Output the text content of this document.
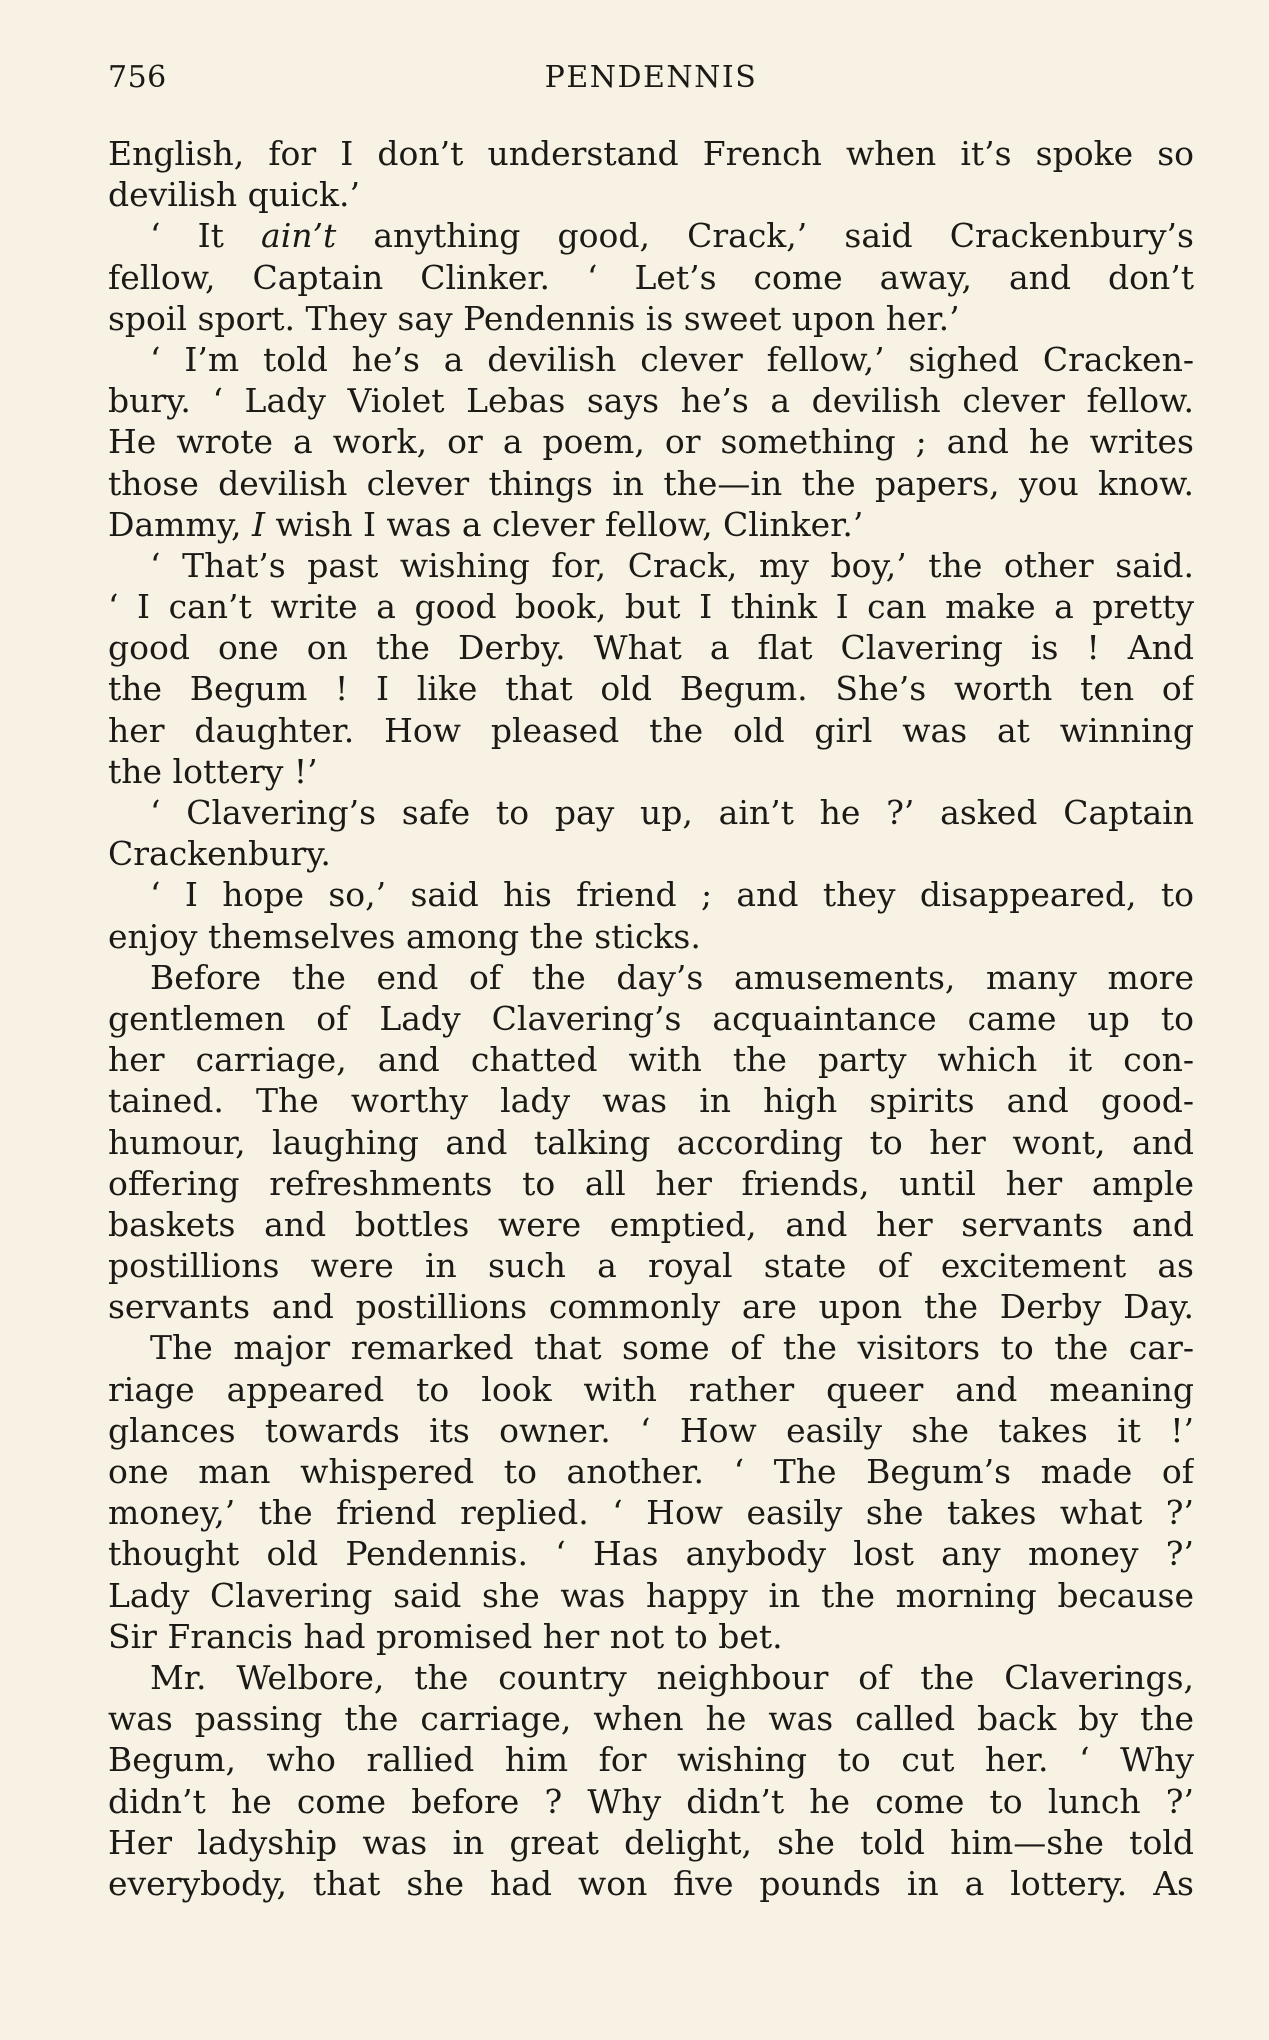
756	PENDENNIS
English, for I don’t understand French when it’s spoke so
devilish quick.’
‘ It ain’t anything good, Crack,’ said Crackenbury’s
fellow, Captain Clinker. ‘ Let’s come away, and don’t
spoil sport. They say Pendennis is sweet upon her.’
‘ I’m told he’s a devilish clever fellow,’ sighed Cracken-
bury. ‘ Lady Violet Lebas says he’s a devilish clever fellow.
He wrote a work, or a poem, or something ; and he writes
those devilish clever things in the—in the papers, you know.
Dammy, I wish I was a clever fellow, Clinker.’
‘ That’s past wishing for, Crack, my boy,’ the other said.
‘ I can’t write a good book, but I think I can make a pretty
good one on the Derby. What a flat Clavering is ! And
the Begum ! I like that old Begum. She’s worth ten of
her daughter. How pleased the old girl was at winning
the lottery !’
‘ Clavering’s safe to pay up, ain’t he ?’ asked Captain
Crackenbury.
‘ I hope so,’ said his friend ; and they disappeared, to
enjoy themselves among the sticks.
Before the end of the day’s amusements, many more
gentlemen of Lady Clavering’s acquaintance came up to
her carriage, and chatted with the party which it con-
tained. The worthy lady was in high spirits and good-
humour, laughing and talking according to her wont, and
offering refreshments to all her friends, until her ample
baskets and bottles were emptied, and her servants and
postillions were in such a royal state of excitement as
servants and postillions commonly are upon the Derby Day.
The major remarked that some of the visitors to the car-
riage appeared to look with rather queer and meaning
glances towards its owner. ‘ How easily she takes it !’
one man whispered to another. ‘ The Begum’s made of
money,’ the friend replied. ‘ How easily she takes what ?’
thought old Pendennis. ‘ Has anybody lost any money ?’
Lady Clavering said she was happy in the morning because
Sir Francis had promised her not to bet.
Mr. Welbore, the country neighbour of the Claverings,
was passing the carriage, when he was called back by the
Begum, who rallied him for wishing to cut her. ‘ Why
didn’t he come before ? Why didn’t he come to lunch ?’
Her ladyship was in great delight, she told him—she told
everybody, that she had won five pounds in a lottery. As
